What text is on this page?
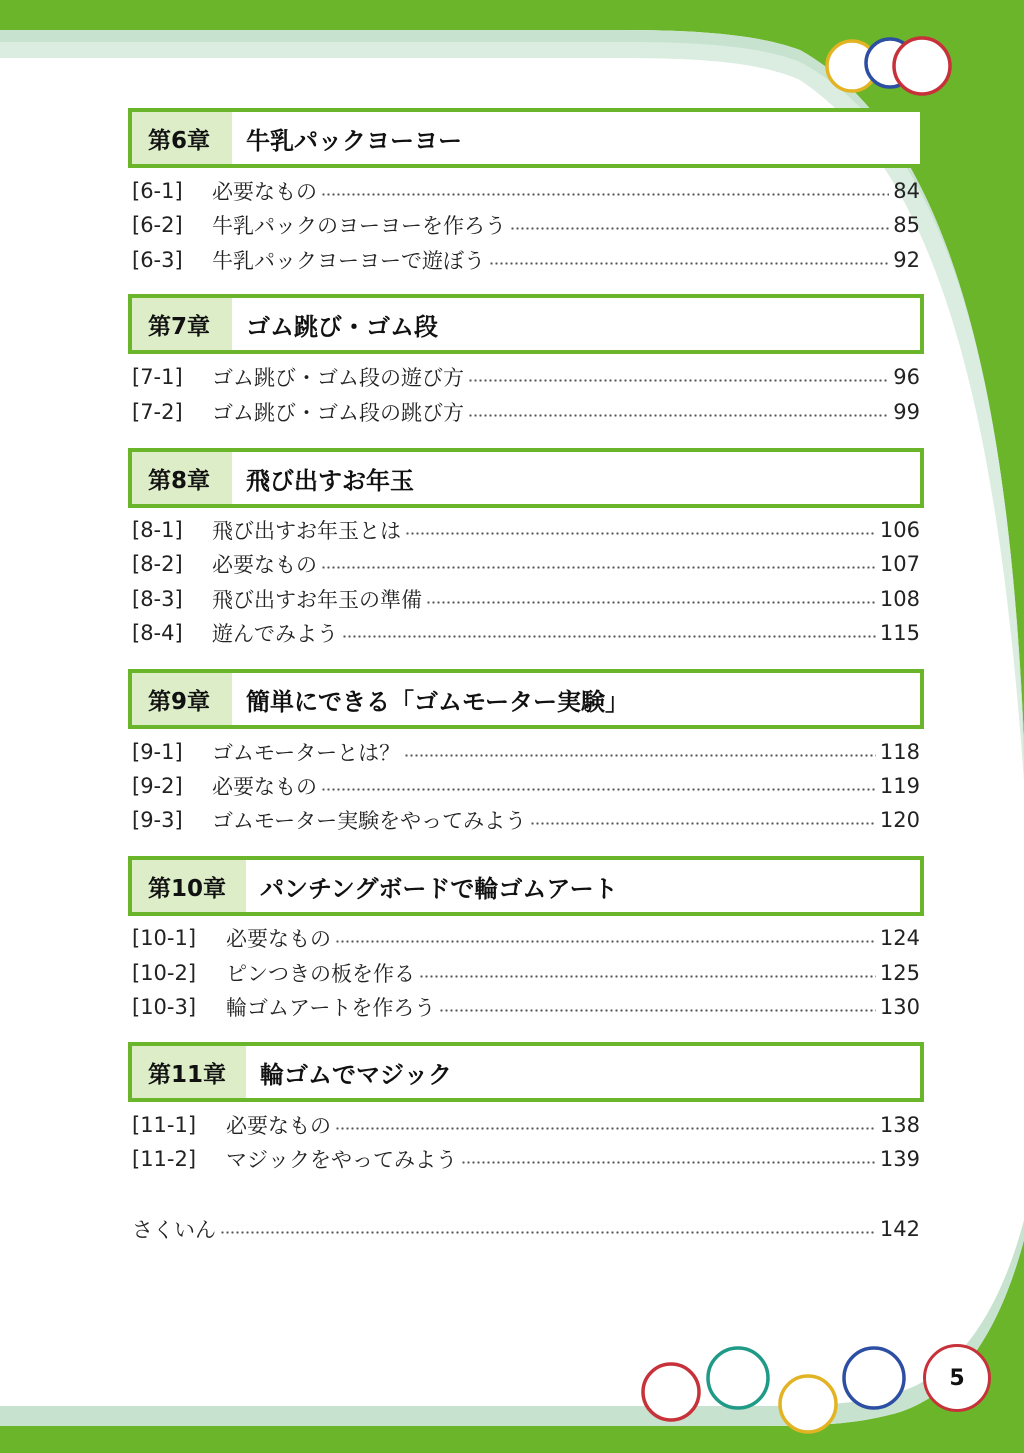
第6章	牛乳パックヨーヨー
[6-1]	必要なもの	84
[6-2]	牛乳パックのヨーヨーを作ろう	85
[6-3]	牛乳パックヨーヨーで遊ぼう	92
第7章	ゴム跳び・ゴム段
[7-1]	ゴム跳び・ゴム段の遊び方	96
[7-2]	ゴム跳び・ゴム段の跳び方	99
第8章	飛び出すお年玉
[8-1]	飛び出すお年玉とは	106
[8-2]	必要なもの	107
[8-3]	飛び出すお年玉の準備	108
[8-4]	遊んでみよう	115
第9章	簡単にできる「ゴムモーター実験」
[9-1]	ゴムモーターとは？	118
[9-2]	必要なもの	119
[9-3]	ゴムモーター実験をやってみよう	120
第10章	パンチングボードで輪ゴムアート
[10-1]	必要なもの	124
[10-2]	ピンつきの板を作る	125
[10-3]	輪ゴムアートを作ろう	130
第11章	輪ゴムでマジック
[11-1]	必要なもの	138
[11-2]	マジックをやってみよう	139
さくいん	142
5
